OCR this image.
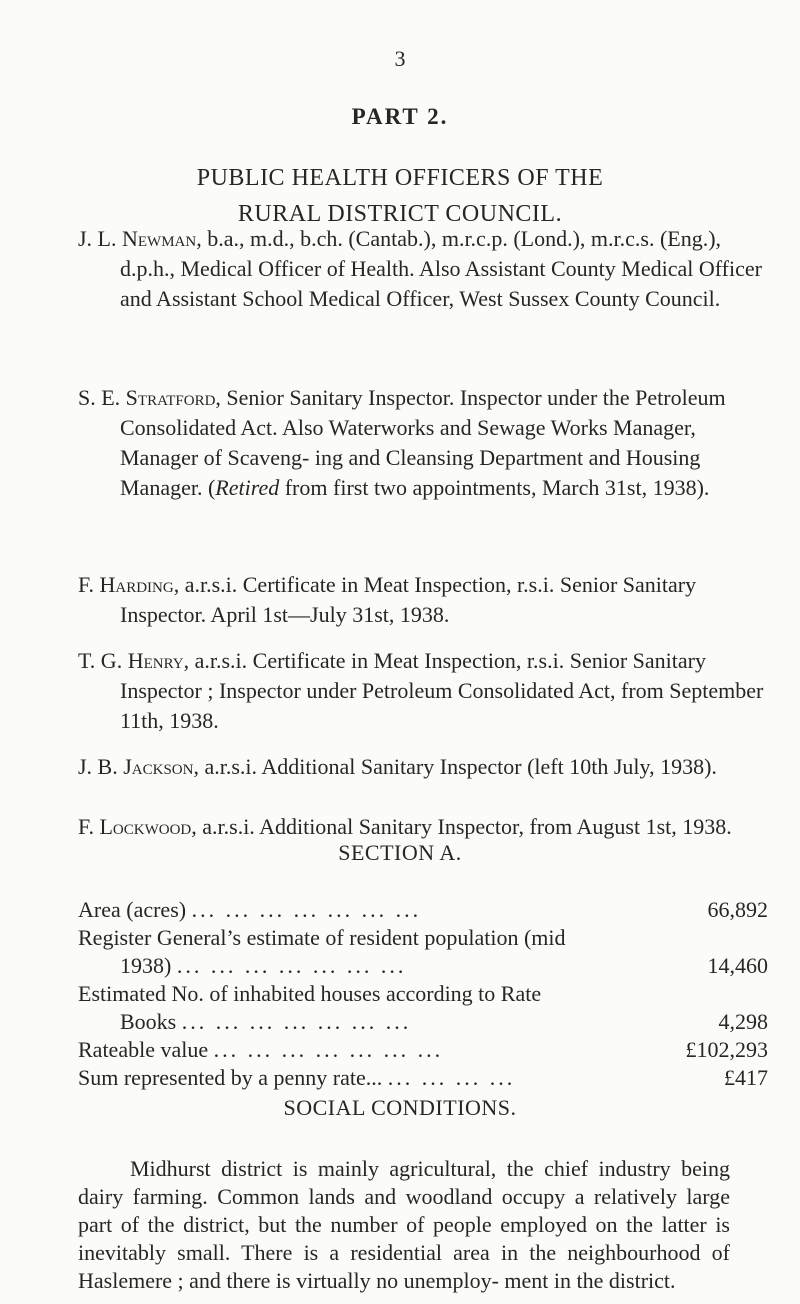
3
PART 2.
PUBLIC HEALTH OFFICERS OF THE
RURAL DISTRICT COUNCIL.
J. L. Newman, b.a., m.d., b.ch. (Cantab.), m.r.c.p. (Lond.), m.r.c.s. (Eng.), d.p.h., Medical Officer of Health. Also Assistant County Medical Officer and Assistant School Medical Officer, West Sussex County Council.
S. E. Stratford, Senior Sanitary Inspector. Inspector under the Petroleum Consolidated Act. Also Waterworks and Sewage Works Manager, Manager of Scaveng- ing and Cleansing Department and Housing Manager. (Retired from first two appointments, March 31st, 1938).
F. Harding, a.r.s.i. Certificate in Meat Inspection, r.s.i. Senior Sanitary Inspector. April 1st—July 31st, 1938.
T. G. Henry, a.r.s.i. Certificate in Meat Inspection, r.s.i. Senior Sanitary Inspector ; Inspector under Petroleum Consolidated Act, from September 11th, 1938.
J. B. Jackson, a.r.s.i. Additional Sanitary Inspector (left 10th July, 1938).
F. Lockwood, a.r.s.i. Additional Sanitary Inspector, from August 1st, 1938.
SECTION A.
Area (acres) ... ... ... ... ... ... ...	66,892
Register General’s estimate of resident population (mid
1938) ... ... ... ... ... ... ...	14,460
Estimated No. of inhabited houses according to Rate
Books ... ... ... ... ... ... ...	4,298
Rateable value ... ... ... ... ... ... ...	£102,293
Sum represented by a penny rate... ... ... ... ...	£417
SOCIAL CONDITIONS.
Midhurst district is mainly agricultural, the chief industry being dairy farming. Common lands and woodland occupy a relatively large part of the district, but the number of people employed on the latter is inevitably small. There is a residential area in the neighbourhood of Haslemere ; and there is virtually no unemploy- ment in the district.
